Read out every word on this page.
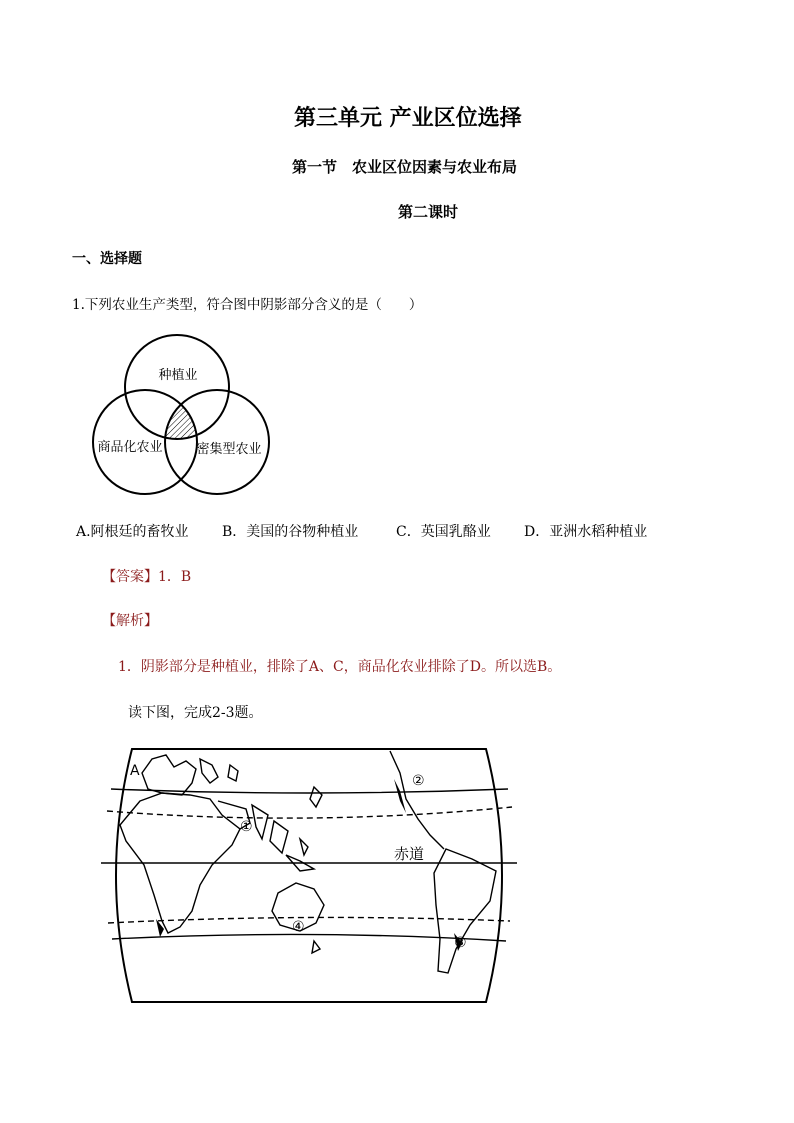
第三单元 产业区位选择
第一节　农业区位因素与农业布局
第二课时
一、选择题
1.下列农业生产类型，符合图中阴影部分含义的是（　　）
种植业
商品化农业	密集型农业
A.阿根廷的畜牧业 B．美国的谷物种植业	C．英国乳酪业 D．亚洲水稻种植业
【答案】1．B
【解析】
1．阴影部分是种植业，排除了A、C，商品化农业排除了D。所以选B。
读下图，完成2-3题。
赤道
A
①
②
③
④
